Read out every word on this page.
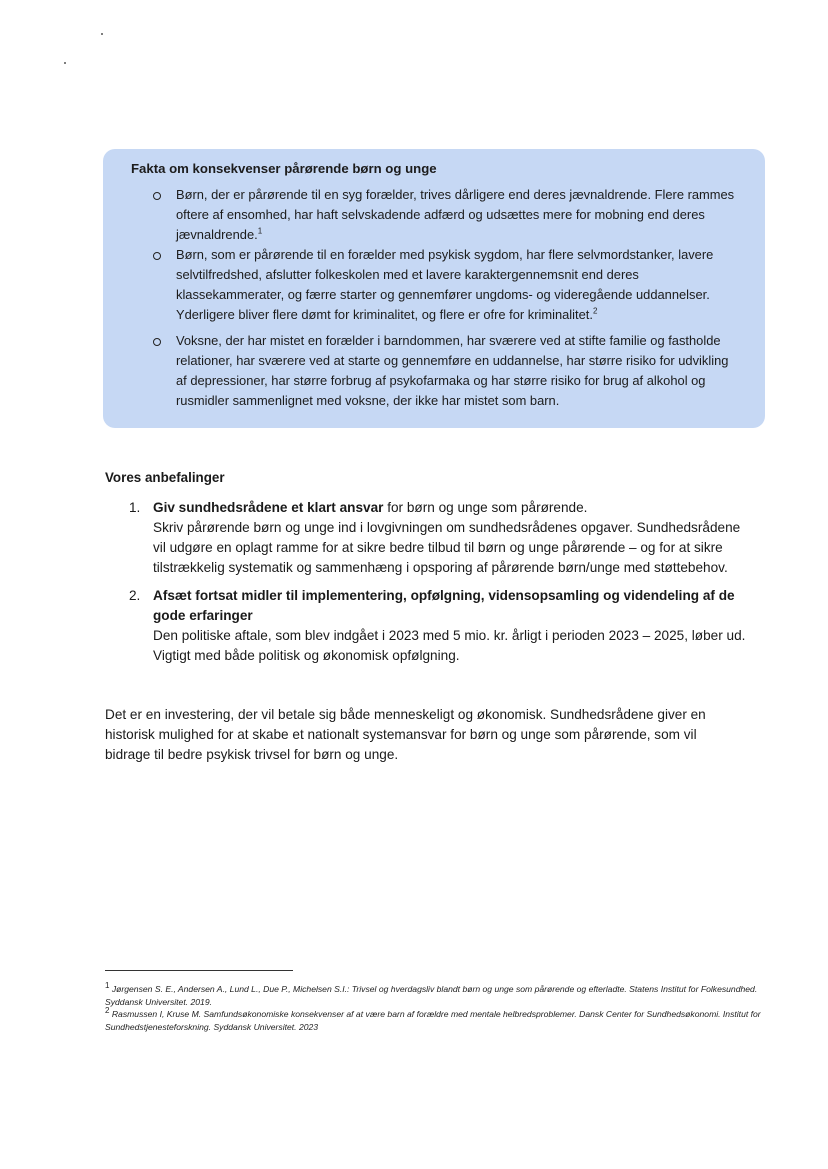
Fakta om konsekvenser pårørende børn og unge
Børn, der er pårørende til en syg forælder, trives dårligere end deres jævnaldrende. Flere rammes oftere af ensomhed, har haft selvskadende adfærd og udsættes mere for mobning end deres jævnaldrende.$^1$
Børn, som er pårørende til en forælder med psykisk sygdom, har flere selvmordstanker, lavere selvtilfredshed, afslutter folkeskolen med et lavere karaktergennemsnit end deres klassekammerater, og færre starter og gennemfører ungdoms- og videregående uddannelser. Yderligere bliver flere dømt for kriminalitet, og flere er ofre for kriminalitet.$^2$
Voksne, der har mistet en forælder i barndommen, har sværere ved at stifte familie og fastholde relationer, har sværere ved at starte og gennemføre en uddannelse, har større risiko for udvikling af depressioner, har større forbrug af psykofarmaka og har større risiko for brug af alkohol og rusmidler sammenlignet med voksne, der ikke har mistet som barn.
Vores anbefalinger
1. Giv sundhedsrådene et klart ansvar for børn og unge som pårørende.
Skriv pårørende børn og unge ind i lovgivningen om sundhedsrådenes opgaver. Sundhedsrådene vil udgøre en oplagt ramme for at sikre bedre tilbud til børn og unge pårørende – og for at sikre tilstrækkelig systematik og sammenhæng i opsporing af pårørende børn/unge med støttebehov.
2. Afsæt fortsat midler til implementering, opfølgning, vidensopsamling og videndeling af de gode erfaringer
Den politiske aftale, som blev indgået i 2023 med 5 mio. kr. årligt i perioden 2023 – 2025, løber ud. Vigtigt med både politisk og økonomisk opfølgning.

Det er en investering, der vil betale sig både menneskeligt og økonomisk. Sundhedsrådene giver en historisk mulighed for at skabe et nationalt systemansvar for børn og unge som pårørende, som vil bidrage til bedre psykisk trivsel for børn og unge.

$^1$ Jørgensen S. E., Andersen A., Lund L., Due P., Michelsen S.I.: Trivsel og hverdagsliv blandt børn og unge som pårørende og efterladte. Statens Institut for Folkesundhed. Syddansk Universitet. 2019.

$^2$ Rasmussen I, Kruse M. Samfundsøkonomiske konsekvenser af at være barn af forældre med mentale helbredsproblemer. Dansk Center for Sundhedsøkonomi. Institut for Sundhedstjenesteforskning. Syddansk Universitet. 2023
